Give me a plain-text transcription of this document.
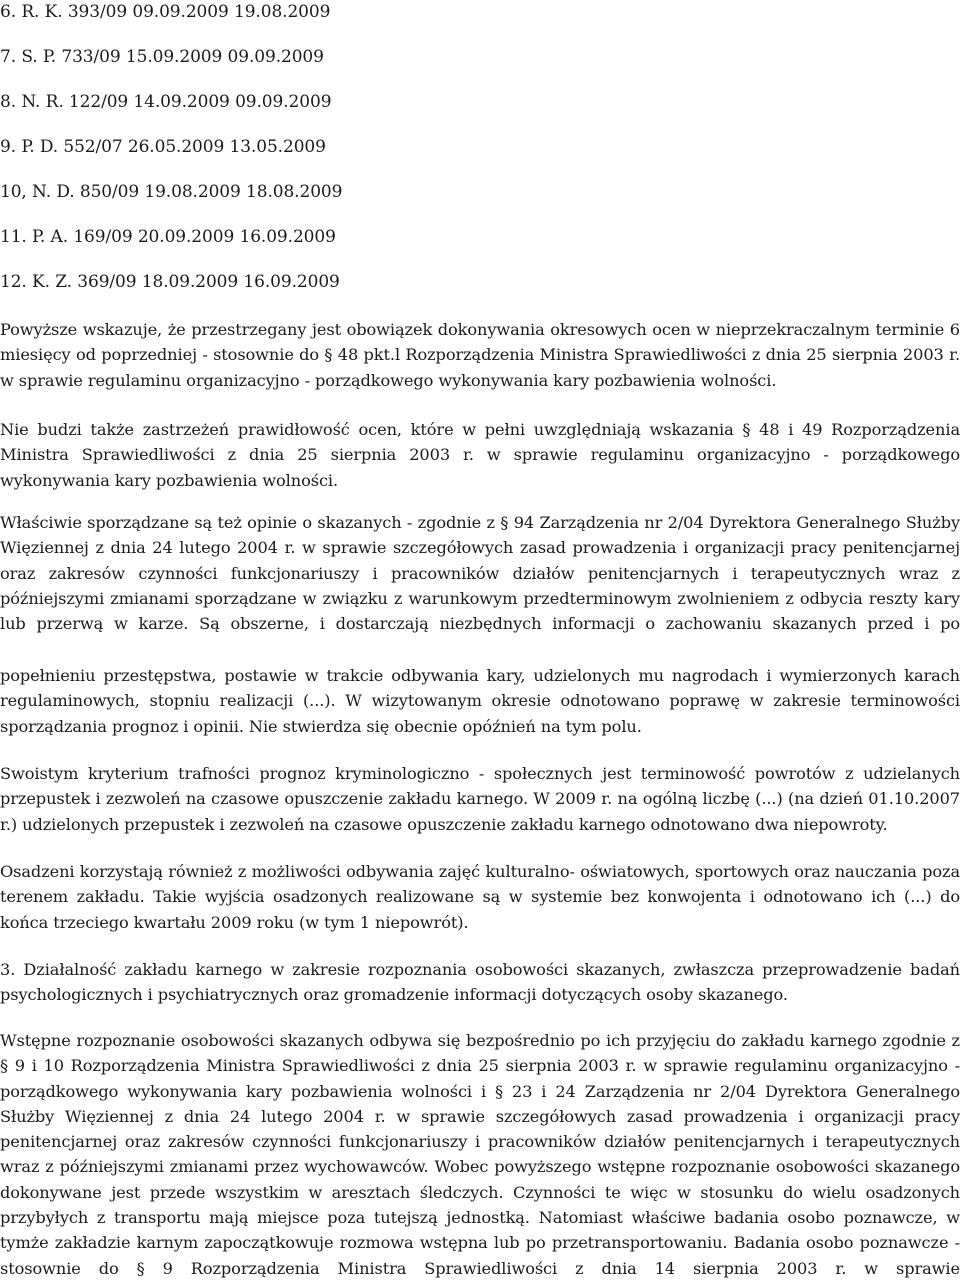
6. R. K. 393/09 09.09.2009 19.08.2009
7. S. P. 733/09 15.09.2009 09.09.2009
8. N. R. 122/09 14.09.2009 09.09.2009
9. P. D. 552/07 26.05.2009 13.05.2009
10, N. D. 850/09 19.08.2009 18.08.2009
11. P. A. 169/09 20.09.2009 16.09.2009
12. K. Z. 369/09 18.09.2009 16.09.2009

Powyższe wskazuje, że przestrzegany jest obowiązek dokonywania okresowych ocen w nieprzekraczalnym terminie 6 miesięcy od poprzedniej - stosownie do § 48 pkt.l Rozporządzenia Ministra Sprawiedliwości z dnia 25 sierpnia 2003 r. w sprawie regulaminu organizacyjno - porządkowego wykonywania kary pozbawienia wolności.

Nie budzi także zastrzeżeń prawidłowość ocen, które w pełni uwzględniają wskazania § 48 i 49 Rozporządzenia Ministra Sprawiedliwości z dnia 25 sierpnia 2003 r. w sprawie regulaminu organizacyjno - porządkowego wykonywania kary pozbawienia wolności.

Właściwie sporządzane są też opinie o skazanych - zgodnie z § 94 Zarządzenia nr 2/04 Dyrektora Generalnego Służby Więziennej z dnia 24 lutego 2004 r. w sprawie szczegółowych zasad prowadzenia i organizacji pracy penitencjarnej oraz zakresów czynności funkcjonariuszy i pracowników działów penitencjarnych i terapeutycznych wraz z późniejszymi zmianami sporządzane w związku z warunkowym przedterminowym zwolnieniem z odbycia reszty kary lub przerwą w karze. Są obszerne, i dostarczają niezbędnych informacji o zachowaniu skazanych przed i po

popełnieniu przestępstwa, postawie w trakcie odbywania kary, udzielonych mu nagrodach i wymierzonych karach regulaminowych, stopniu realizacji (...). W wizytowanym okresie odnotowano poprawę w zakresie terminowości sporządzania prognoz i opinii. Nie stwierdza się obecnie opóźnień na tym polu.

Swoistym kryterium trafności prognoz kryminologiczno - społecznych jest terminowość powrotów z udzielanych przepustek i zezwoleń na czasowe opuszczenie zakładu karnego. W 2009 r. na ogólną liczbę (...) (na dzień 01.10.2007 r.) udzielonych przepustek i zezwoleń na czasowe opuszczenie zakładu karnego odnotowano dwa niepowroty.

Osadzeni korzystają również z możliwości odbywania zajęć kulturalno- oświatowych, sportowych oraz nauczania poza terenem zakładu. Takie wyjścia osadzonych realizowane są w systemie bez konwojenta i odnotowano ich (...) do końca trzeciego kwartału 2009 roku (w tym 1 niepowrót).

3. Działalność zakładu karnego w zakresie rozpoznania osobowości skazanych, zwłaszcza przeprowadzenie badań psychologicznych i psychiatrycznych oraz gromadzenie informacji dotyczących osoby skazanego.

Wstępne rozpoznanie osobowości skazanych odbywa się bezpośrednio po ich przyjęciu do zakładu karnego zgodnie z § 9 i 10 Rozporządzenia Ministra Sprawiedliwości z dnia 25 sierpnia 2003 r. w sprawie regulaminu organizacyjno - porządkowego wykonywania kary pozbawienia wolności i § 23 i 24 Zarządzenia nr 2/04 Dyrektora Generalnego Służby Więziennej z dnia 24 lutego 2004 r. w sprawie szczegółowych zasad prowadzenia i organizacji pracy penitencjarnej oraz zakresów czynności funkcjonariuszy i pracowników działów penitencjarnych i terapeutycznych wraz z późniejszymi zmianami przez wychowawców. Wobec powyższego wstępne rozpoznanie osobowości skazanego dokonywane jest przede wszystkim w aresztach śledczych. Czynności te więc w stosunku do wielu osadzonych przybyłych z transportu mają miejsce poza tutejszą jednostką. Natomiast właściwe badania osobo poznawcze, w tymże zakładzie karnym zapoczątkowuje rozmowa wstępna lub po przetransportowaniu. Badania osobo poznawcze - stosownie do § 9 Rozporządzenia Ministra Sprawiedliwości z dnia 14 sierpnia 2003 r. w sprawie
